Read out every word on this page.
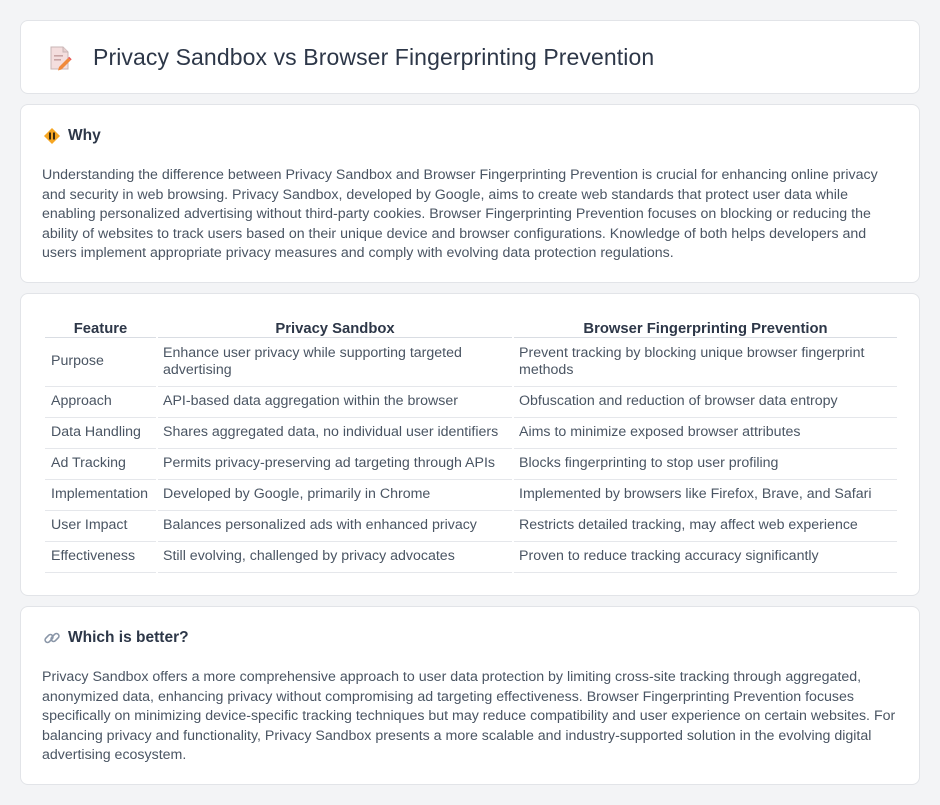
Privacy Sandbox vs Browser Fingerprinting Prevention
Why

Understanding the difference between Privacy Sandbox and Browser Fingerprinting Prevention is crucial for enhancing online privacy and security in web browsing. Privacy Sandbox, developed by Google, aims to create web standards that protect user data while enabling personalized advertising without third-party cookies. Browser Fingerprinting Prevention focuses on blocking or reducing the ability of websites to track users based on their unique device and browser configurations. Knowledge of both helps developers and users implement appropriate privacy measures and comply with evolving data protection regulations.

Feature	Privacy Sandbox	Browser Fingerprinting Prevention
Purpose	Enhance user privacy while supporting targeted advertising	Prevent tracking by blocking unique browser fingerprint methods
Approach	API-based data aggregation within the browser	Obfuscation and reduction of browser data entropy
Data Handling	Shares aggregated data, no individual user identifiers	Aims to minimize exposed browser attributes
Ad Tracking	Permits privacy-preserving ad targeting through APIs	Blocks fingerprinting to stop user profiling
Implementation	Developed by Google, primarily in Chrome	Implemented by browsers like Firefox, Brave, and Safari
User Impact	Balances personalized ads with enhanced privacy	Restricts detailed tracking, may affect web experience
Effectiveness	Still evolving, challenged by privacy advocates	Proven to reduce tracking accuracy significantly
Which is better?

Privacy Sandbox offers a more comprehensive approach to user data protection by limiting cross-site tracking through aggregated, anonymized data, enhancing privacy without compromising ad targeting effectiveness. Browser Fingerprinting Prevention focuses specifically on minimizing device-specific tracking techniques but may reduce compatibility and user experience on certain websites. For balancing privacy and functionality, Privacy Sandbox presents a more scalable and industry-supported solution in the evolving digital advertising ecosystem.
